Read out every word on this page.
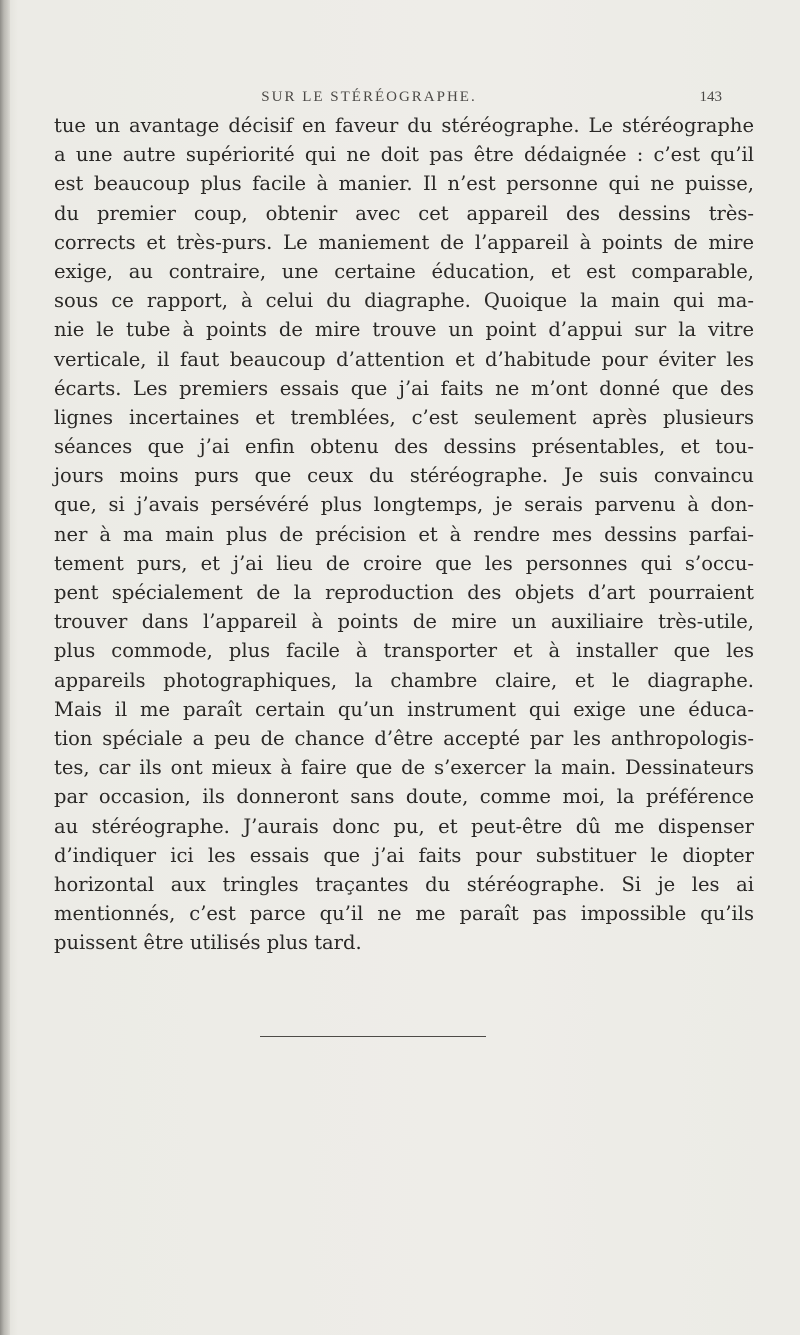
SUR LE STÉRÉOGRAPHE.	143
tue un avantage décisif en faveur du stéréographe. Le stéréographe
a une autre supériorité qui ne doit pas être dédaignée : c’est qu’il
est beaucoup plus facile à manier. Il n’est personne qui ne puisse,
du premier coup, obtenir avec cet appareil des dessins très-
corrects et très-purs. Le maniement de l’appareil à points de mire
exige, au contraire, une certaine éducation, et est comparable,
sous ce rapport, à celui du diagraphe. Quoique la main qui ma-
nie le tube à points de mire trouve un point d’appui sur la vitre
verticale, il faut beaucoup d’attention et d’habitude pour éviter les
écarts. Les premiers essais que j’ai faits ne m’ont donné que des
lignes incertaines et tremblées, c’est seulement après plusieurs
séances que j’ai enfin obtenu des dessins présentables, et tou-
jours moins purs que ceux du stéréographe. Je suis convaincu
que, si j’avais persévéré plus longtemps, je serais parvenu à don-
ner à ma main plus de précision et à rendre mes dessins parfai-
tement purs, et j’ai lieu de croire que les personnes qui s’occu-
pent spécialement de la reproduction des objets d’art pourraient
trouver dans l’appareil à points de mire un auxiliaire très-utile,
plus commode, plus facile à transporter et à installer que les
appareils photographiques, la chambre claire, et le diagraphe.
Mais il me paraît certain qu’un instrument qui exige une éduca-
tion spéciale a peu de chance d’être accepté par les anthropologis-
tes, car ils ont mieux à faire que de s’exercer la main. Dessinateurs
par occasion, ils donneront sans doute, comme moi, la préférence
au stéréographe. J’aurais donc pu, et peut-être dû me dispenser
d’indiquer ici les essais que j’ai faits pour substituer le diopter
horizontal aux tringles traçantes du stéréographe. Si je les ai
mentionnés, c’est parce qu’il ne me paraît pas impossible qu’ils
puissent être utilisés plus tard.
